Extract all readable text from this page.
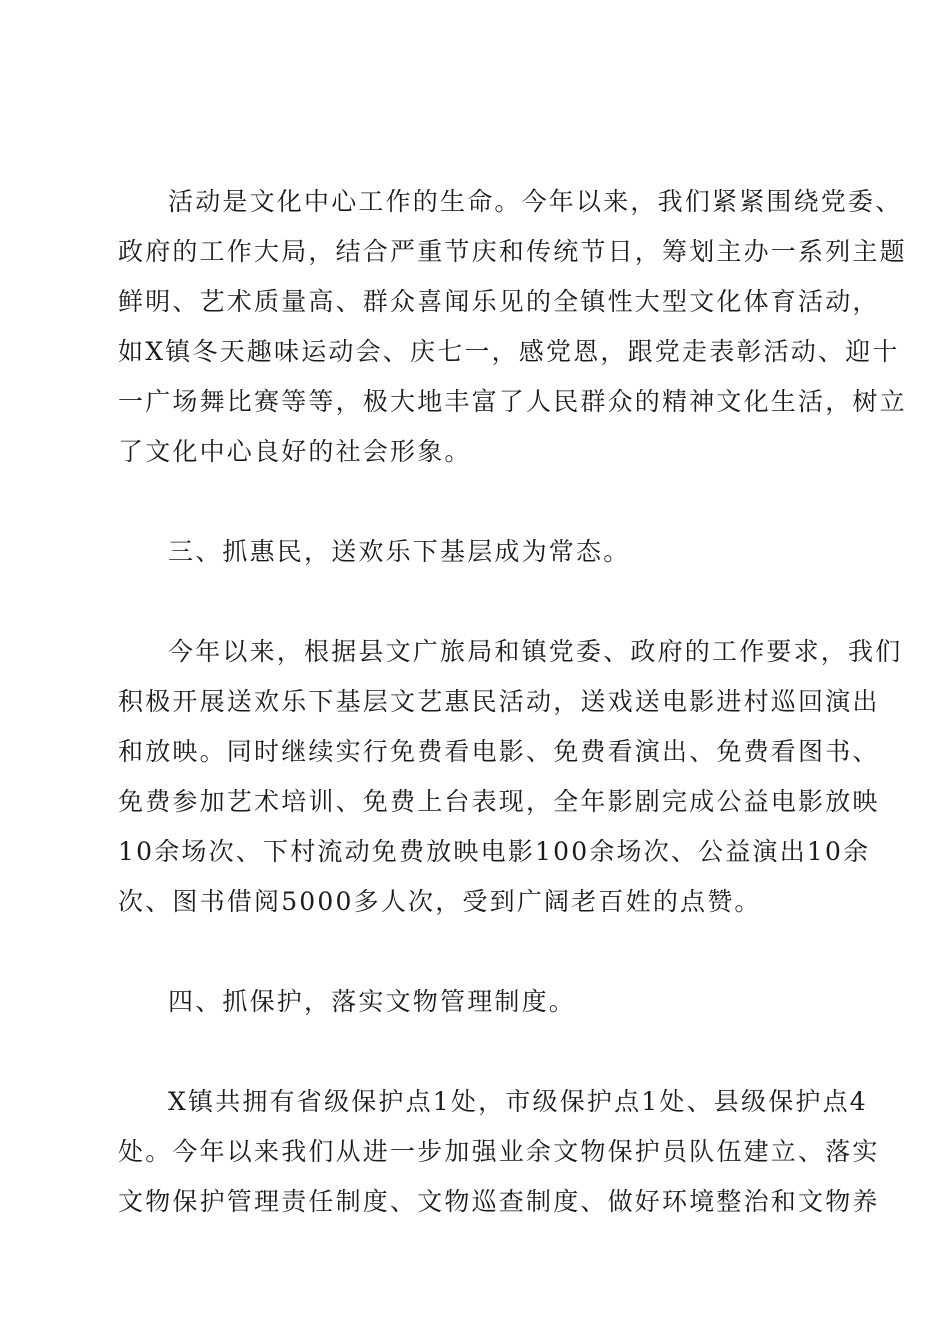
活动是文化中心工作的生命。今年以来，我们紧紧围绕党委、
政府的工作大局，结合严重节庆和传统节日，筹划主办一系列主题
鲜明、艺术质量高、群众喜闻乐见的全镇性大型文化体育活动，
如X镇冬天趣味运动会、庆七一，感党恩，跟党走表彰活动、迎十
一广场舞比赛等等，极大地丰富了人民群众的精神文化生活，树立
了文化中心良好的社会形象。
三、抓惠民，送欢乐下基层成为常态。
今年以来，根据县文广旅局和镇党委、政府的工作要求，我们
积极开展送欢乐下基层文艺惠民活动，送戏送电影进村巡回演出
和放映。同时继续实行免费看电影、免费看演出、免费看图书、
免费参加艺术培训、免费上台表现，全年影剧完成公益电影放映
10余场次、下村流动免费放映电影100余场次、公益演出10余
次、图书借阅5000多人次，受到广阔老百姓的点赞。
四、抓保护，落实文物管理制度。
X镇共拥有省级保护点1处，市级保护点1处、县级保护点4
处。今年以来我们从进一步加强业余文物保护员队伍建立、落实
文物保护管理责任制度、文物巡查制度、做好环境整治和文物养
